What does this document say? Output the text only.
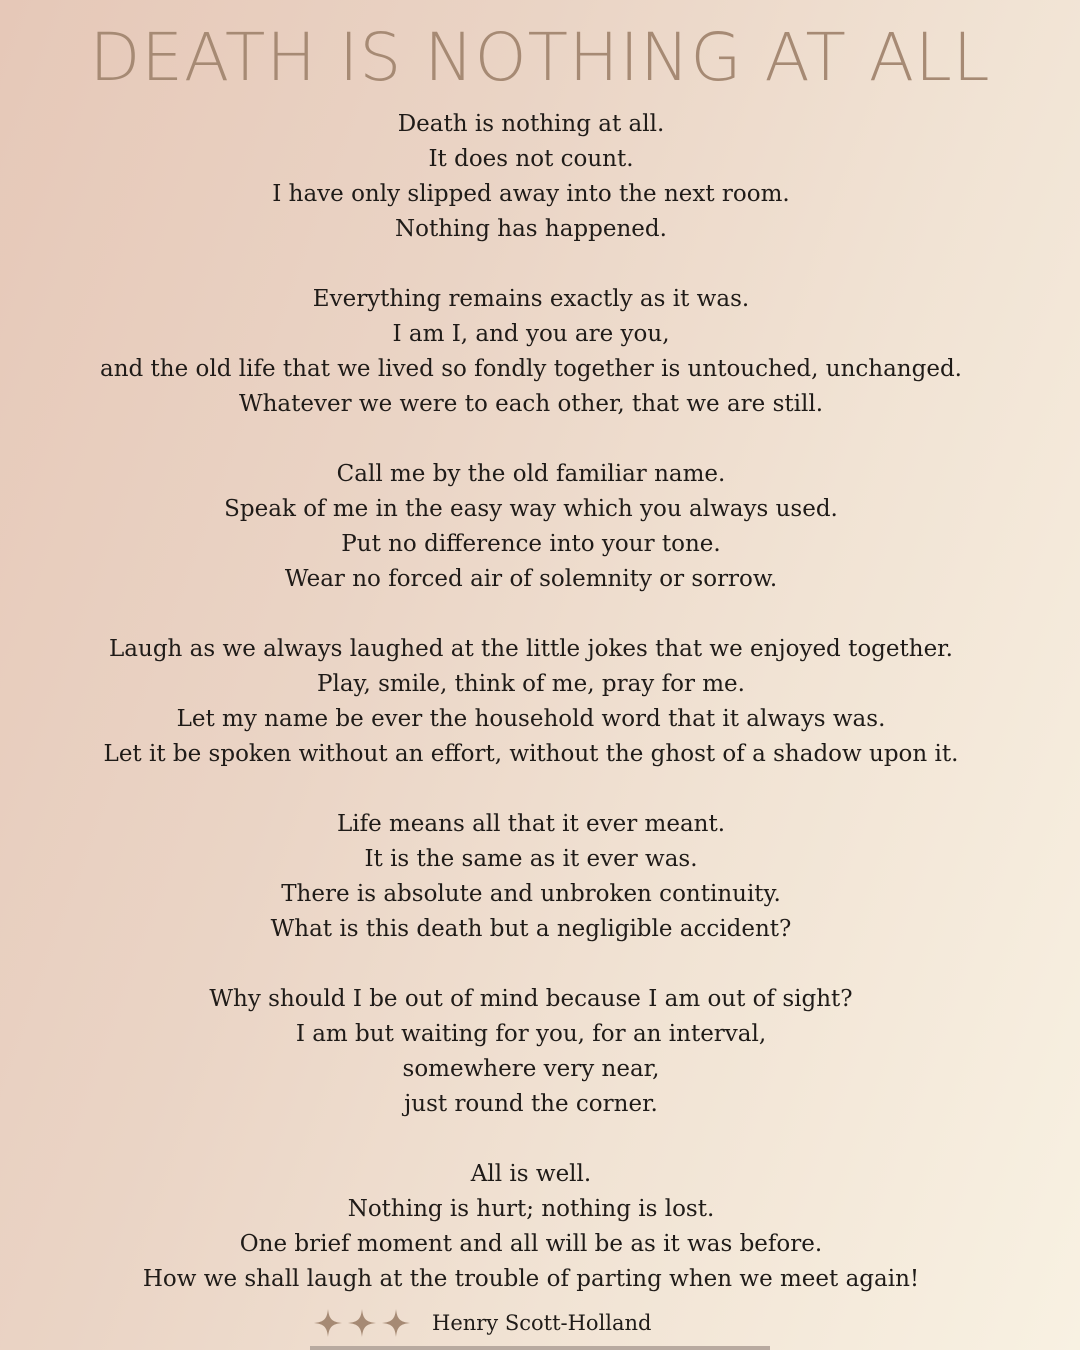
DEATH IS NOTHING AT ALL

Death is nothing at all.
It does not count.
I have only slipped away into the next room.
Nothing has happened.

Everything remains exactly as it was.
I am I, and you are you,
and the old life that we lived so fondly together is untouched, unchanged.
Whatever we were to each other, that we are still.

Call me by the old familiar name.
Speak of me in the easy way which you always used.
Put no difference into your tone.
Wear no forced air of solemnity or sorrow.

Laugh as we always laughed at the little jokes that we enjoyed together.
Play, smile, think of me, pray for me.
Let my name be ever the household word that it always was.
Let it be spoken without an effort, without the ghost of a shadow upon it.

Life means all that it ever meant.
It is the same as it ever was.
There is absolute and unbroken continuity.
What is this death but a negligible accident?

Why should I be out of mind because I am out of sight?
I am but waiting for you, for an interval,
somewhere very near,
just round the corner.

All is well.
Nothing is hurt; nothing is lost.
One brief moment and all will be as it was before.
How we shall laugh at the trouble of parting when we meet again!

Henry Scott-Holland
